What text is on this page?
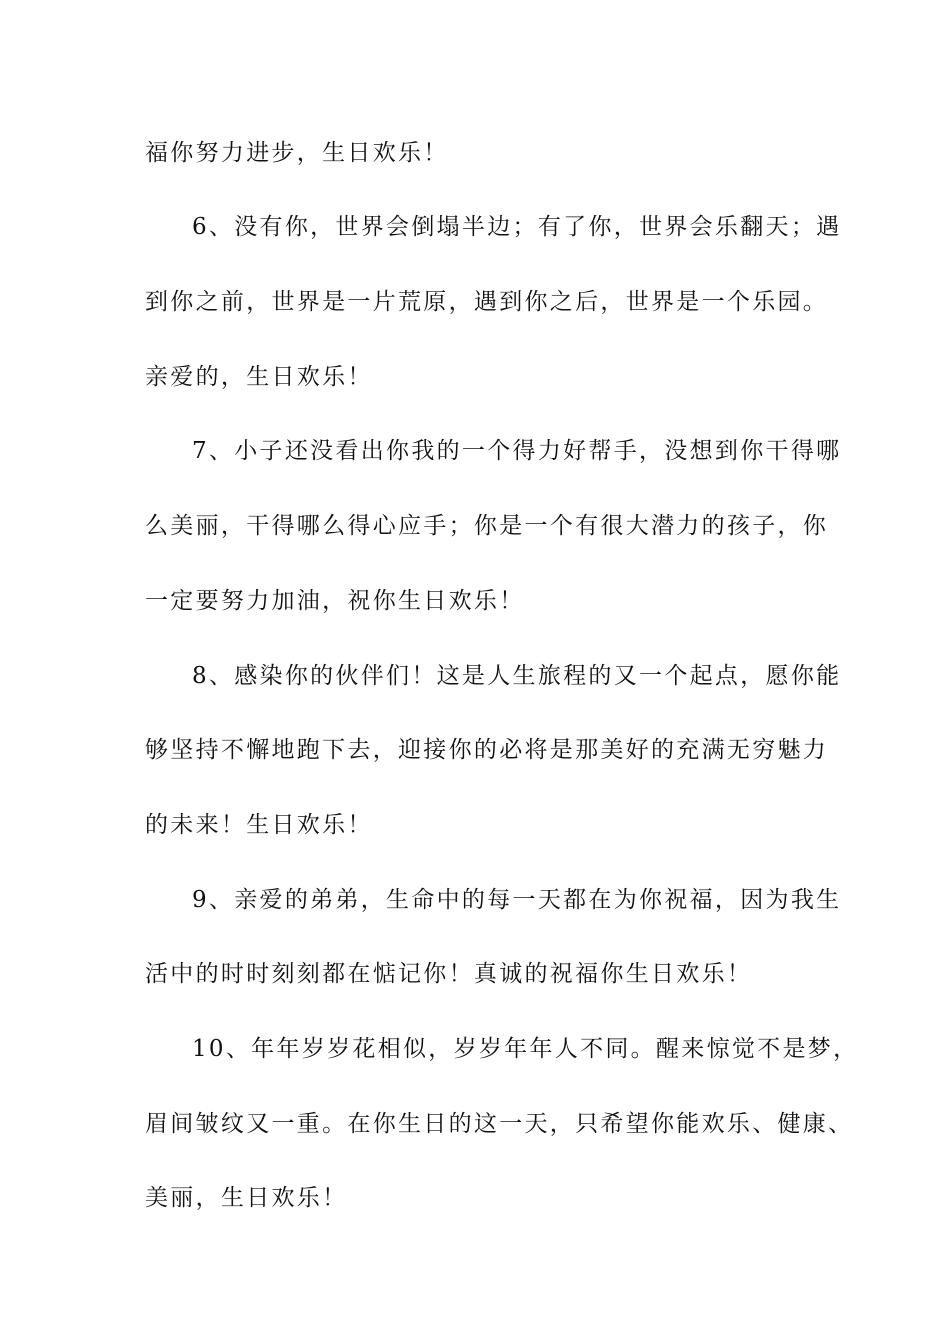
福你努力进步，生日欢乐！
6、没有你，世界会倒塌半边；有了你，世界会乐翻天；遇
到你之前，世界是一片荒原，遇到你之后，世界是一个乐园。
亲爱的，生日欢乐！
7、小子还没看出你我的一个得力好帮手，没想到你干得哪
么美丽，干得哪么得心应手；你是一个有很大潜力的孩子，你
一定要努力加油，祝你生日欢乐！
8、感染你的伙伴们！这是人生旅程的又一个起点，愿你能
够坚持不懈地跑下去，迎接你的必将是那美好的充满无穷魅力
的未来！生日欢乐！
9、亲爱的弟弟，生命中的每一天都在为你祝福，因为我生
活中的时时刻刻都在惦记你！真诚的祝福你生日欢乐！
10、年年岁岁花相似，岁岁年年人不同。醒来惊觉不是梦，
眉间皱纹又一重。在你生日的这一天，只希望你能欢乐、健康、
美丽，生日欢乐！
